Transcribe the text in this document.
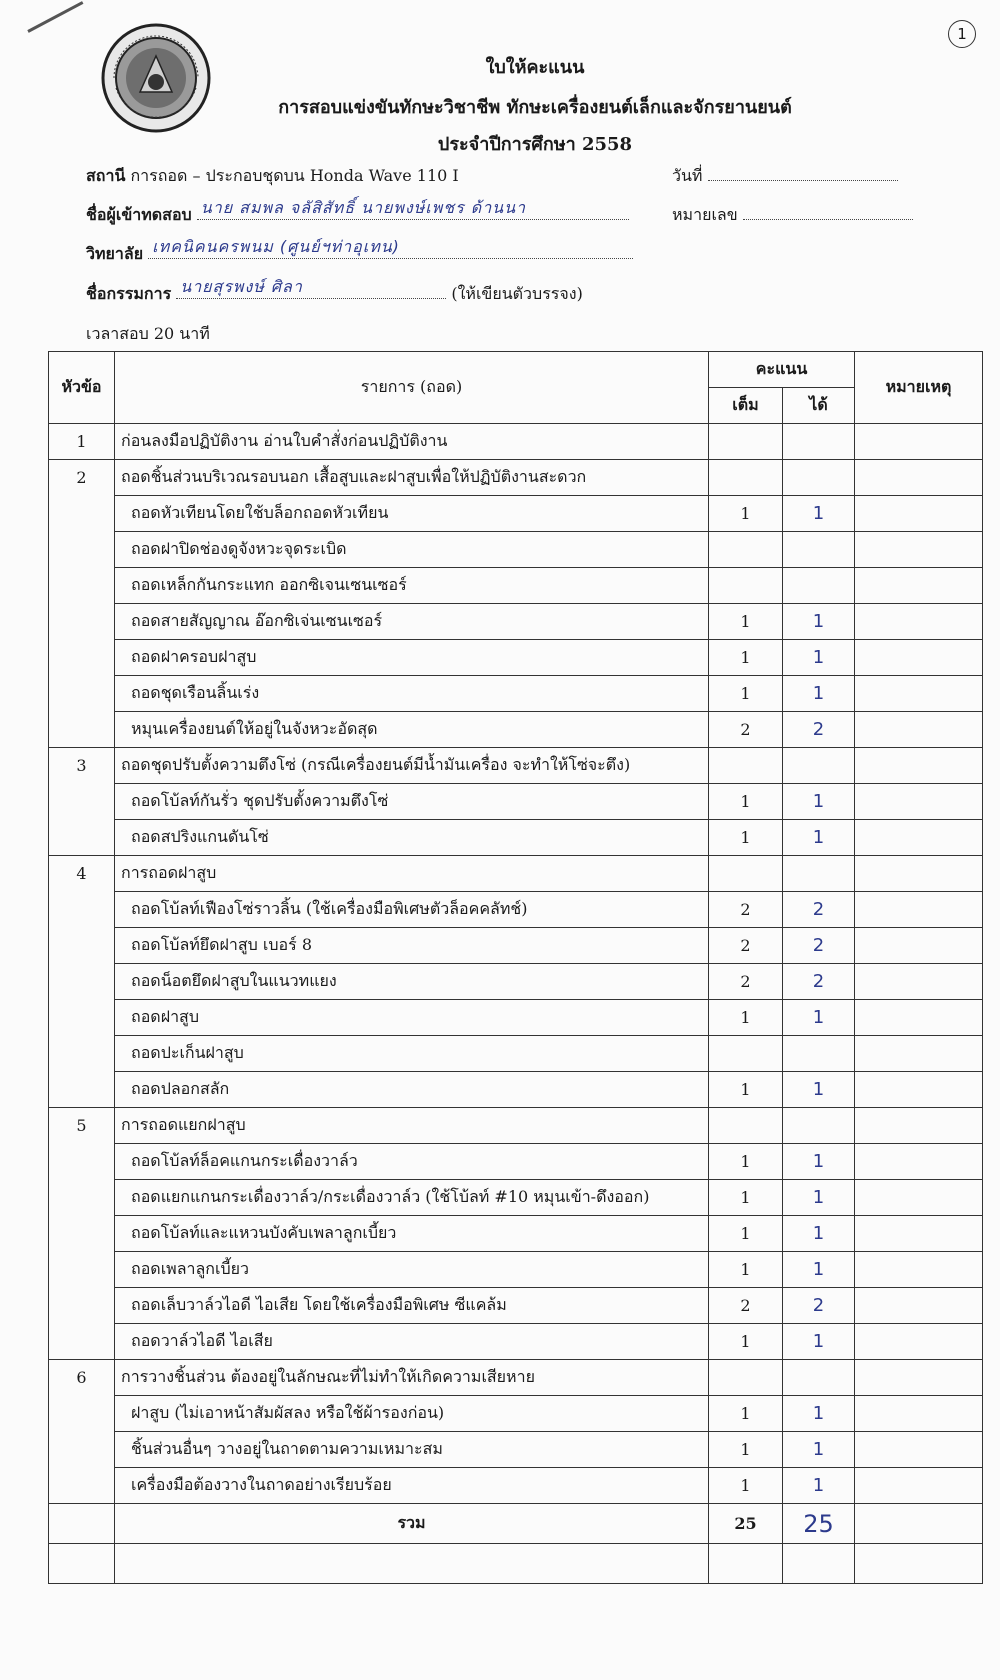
1
ใบให้คะแนน
การสอบแข่งขันทักษะวิชาชีพ ทักษะเครื่องยนต์เล็กและจักรยานยนต์
ประจำปีการศึกษา 2558
สถานี การถอด – ประกอบชุดบน Honda Wave 110 I	วันที่
ชื่อผู้เข้าทดสอบ นาย สมพล จลัสิสัทธิ์ นายพงษ์เพชร ด้านนา	หมายเลข
วิทยาลัย เทคนิคนครพนม (ศูนย์ฯท่าอุเทน)
ชื่อกรรมการ นายสุรพงษ์ ศิลา	(ให้เขียนตัวบรรจง)
เวลาสอบ 20 นาที
หัวข้อ	รายการ (ถอด)	คะแนน		หมายเหตุ
		เต็ม	ได้	
1	ก่อนลงมือปฏิบัติงาน อ่านใบคำสั่งก่อนปฏิบัติงาน			
2	ถอดชิ้นส่วนบริเวณรอบนอก เสื้อสูบและฝาสูบเพื่อให้ปฏิบัติงานสะดวก			
	ถอดหัวเทียนโดยใช้บล็อกถอดหัวเทียน	1	1	
	ถอดฝาปิดช่องดูจังหวะจุดระเบิด			
	ถอดเหล็กกันกระแทก ออกซิเจนเซนเซอร์			
	ถอดสายสัญญาณ อ๊อกซิเจ่นเซนเซอร์	1	1	
	ถอดฝาครอบฝาสูบ	1	1	
	ถอดชุดเรือนลิ้นเร่ง	1	1	
	หมุนเครื่องยนต์ให้อยู่ในจังหวะอัดสุด	2	2	
3	ถอดชุดปรับตั้งความตึงโซ่ (กรณีเครื่องยนต์มีน้ำมันเครื่อง จะทำให้โซ่จะตึง)			
	ถอดโบ้ลท์กันรั่ว ชุดปรับตั้งความตึงโซ่	1	1	
	ถอดสปริงแกนดันโซ่	1	1	
4	การถอดฝาสูบ			
	ถอดโบ้ลท์เฟืองโซ่ราวลิ้น (ใช้เครื่องมือพิเศษตัวล็อคคลัทช์)	2	2	
	ถอดโบ้ลท์ยึดฝาสูบ เบอร์ 8	2	2	
	ถอดน็อตยึดฝาสูบในแนวทแยง	2	2	
	ถอดฝาสูบ	1	1	
	ถอดปะเก็นฝาสูบ			
	ถอดปลอกสลัก	1	1	
5	การถอดแยกฝาสูบ			
	ถอดโบ้ลท์ล็อคแกนกระเดื่องวาล์ว	1	1	
	ถอดแยกแกนกระเดื่องวาล์ว/กระเดื่องวาล์ว (ใช้โบ้ลท์ #10 หมุนเข้า-ดึงออก)	1	1	
	ถอดโบ้ลท์และแหวนบังคับเพลาลูกเบี้ยว	1	1	
	ถอดเพลาลูกเบี้ยว	1	1	
	ถอดเล็บวาล์วไอดี ไอเสีย โดยใช้เครื่องมือพิเศษ ซีแคล้ม	2	2	
	ถอดวาล์วไอดี ไอเสีย	1	1	
6	การวางชิ้นส่วน ต้องอยู่ในลักษณะที่ไม่ทำให้เกิดความเสียหาย			
	ฝาสูบ (ไม่เอาหน้าสัมผัสลง หรือใช้ผ้ารองก่อน)	1	1	
	ชิ้นส่วนอื่นๆ วางอยู่ในถาดตามความเหมาะสม	1	1	
	เครื่องมือต้องวางในถาดอย่างเรียบร้อย	1	1	
	รวม	25	25	
